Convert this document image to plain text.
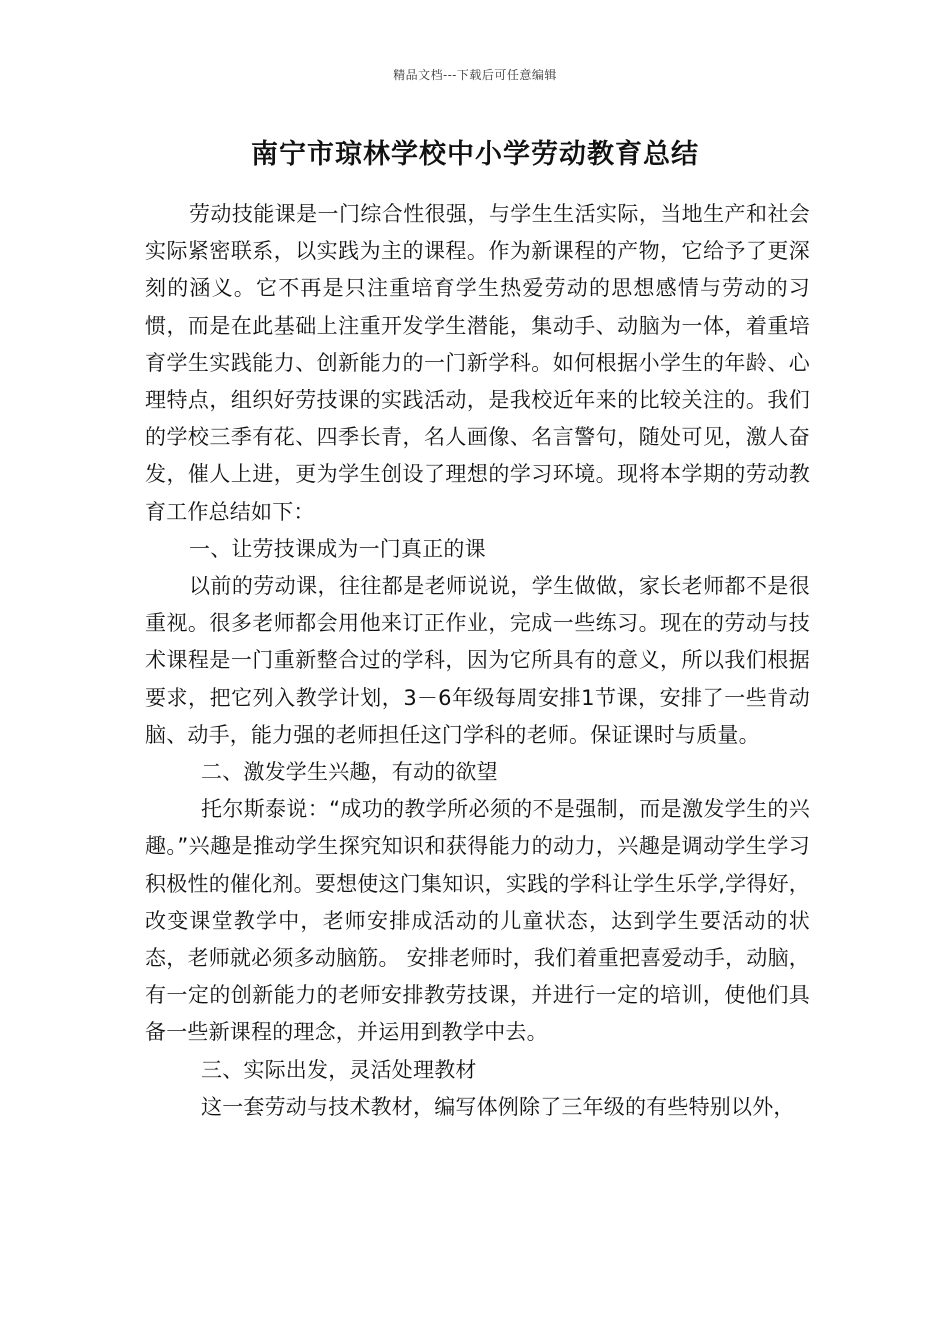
精品文档---下载后可任意编辑
南宁市琼林学校中小学劳动教育总结

劳动技能课是一门综合性很强，与学生生活实际，当地生产和社会实际紧密联系，以实践为主的课程。作为新课程的产物，它给予了更深刻的涵义。它不再是只注重培育学生热爱劳动的思想感情与劳动的习惯，而是在此基础上注重开发学生潜能，集动手、动脑为一体，着重培育学生实践能力、创新能力的一门新学科。如何根据小学生的年龄、心理特点，组织好劳技课的实践活动，是我校近年来的比较关注的。我们的学校三季有花、四季长青，名人画像、名言警句，随处可见，激人奋发，催人上进，更为学生创设了理想的学习环境。现将本学期的劳动教育工作总结如下：

一、让劳技课成为一门真正的课

以前的劳动课，往往都是老师说说，学生做做，家长老师都不是很重视。很多老师都会用他来订正作业，完成一些练习。现在的劳动与技术课程是一门重新整合过的学科，因为它所具有的意义，所以我们根据要求，把它列入教学计划，3－6年级每周安排1节课，安排了一些肯动脑、动手，能力强的老师担任这门学科的老师。保证课时与质量。

二、激发学生兴趣，有动的欲望

托尔斯泰说：“成功的教学所必须的不是强制，而是激发学生的兴趣。”兴趣是推动学生探究知识和获得能力的动力，兴趣是调动学生学习积极性的催化剂。要想使这门集知识，实践的学科让学生乐学,学得好，改变课堂教学中，老师安排成活动的儿童状态，达到学生要活动的状态，老师就必须多动脑筋。 安排老师时，我们着重把喜爱动手，动脑，有一定的创新能力的老师安排教劳技课，并进行一定的培训，使他们具备一些新课程的理念，并运用到教学中去。

三、实际出发，灵活处理教材

这一套劳动与技术教材，编写体例除了三年级的有些特别以外，
